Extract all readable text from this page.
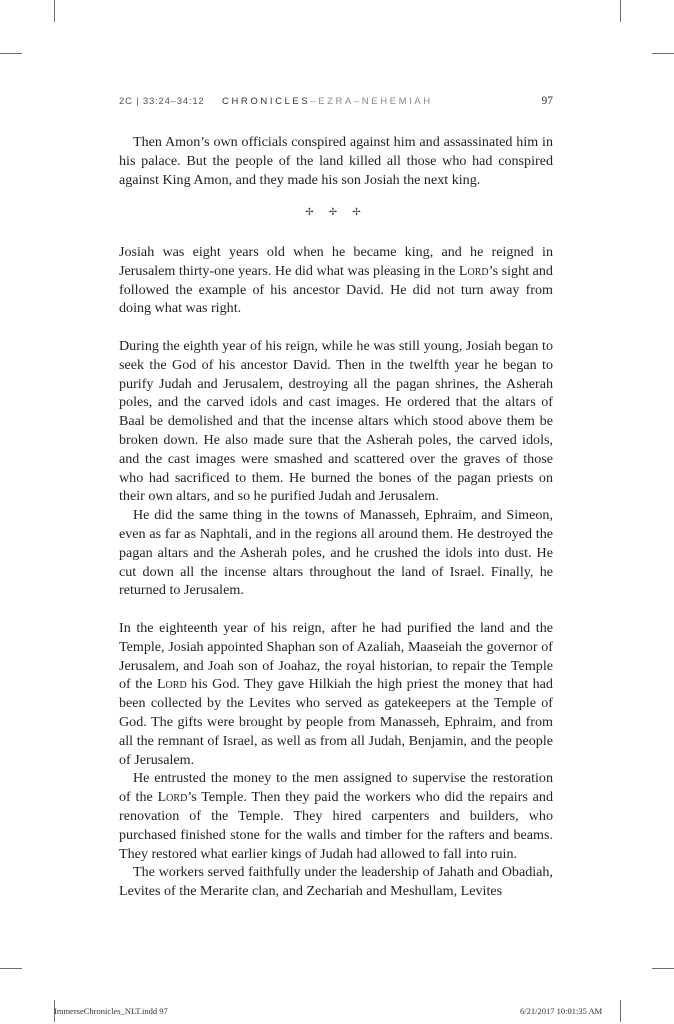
2C | 33:24–34:12 CHRONICLES–EZRA–NEHEMIAH	97

Then Amon’s own officials conspired against him and assassinated him in his palace. But the people of the land killed all those who had conspired against King Amon, and they made his son Josiah the next king.

✢ ✢ ✢

Josiah was eight years old when he became king, and he reigned in Jerusalem thirty-one years. He did what was pleasing in the Lord’s sight and followed the example of his ancestor David. He did not turn away from doing what was right.

During the eighth year of his reign, while he was still young, Josiah began to seek the God of his ancestor David. Then in the twelfth year he began to purify Judah and Jerusalem, destroying all the pagan shrines, the Asherah poles, and the carved idols and cast images. He ordered that the altars of Baal be demolished and that the incense altars which stood above them be broken down. He also made sure that the Asherah poles, the carved idols, and the cast images were smashed and scattered over the graves of those who had sacrificed to them. He burned the bones of the pagan priests on their own altars, and so he purified Judah and Jerusalem.

He did the same thing in the towns of Manasseh, Ephraim, and Simeon, even as far as Naphtali, and in the regions all around them. He destroyed the pagan altars and the Asherah poles, and he crushed the idols into dust. He cut down all the incense altars throughout the land of Israel. Finally, he returned to Jerusalem.

In the eighteenth year of his reign, after he had purified the land and the Temple, Josiah appointed Shaphan son of Azaliah, Maaseiah the governor of Jerusalem, and Joah son of Joahaz, the royal historian, to repair the Temple of the Lord his God. They gave Hilkiah the high priest the money that had been collected by the Levites who served as gatekeepers at the Temple of God. The gifts were brought by people from Manasseh, Ephraim, and from all the remnant of Israel, as well as from all Judah, Benjamin, and the people of Jerusalem.

He entrusted the money to the men assigned to supervise the restoration of the Lord’s Temple. Then they paid the workers who did the repairs and renovation of the Temple. They hired carpenters and builders, who purchased finished stone for the walls and timber for the rafters and beams. They restored what earlier kings of Judah had allowed to fall into ruin.

The workers served faithfully under the leadership of Jahath and Obadiah, Levites of the Merarite clan, and Zechariah and Meshullam, Levites

ImmerseChronicles_NLT.indd 97	6/21/2017 10:01:35 AM
